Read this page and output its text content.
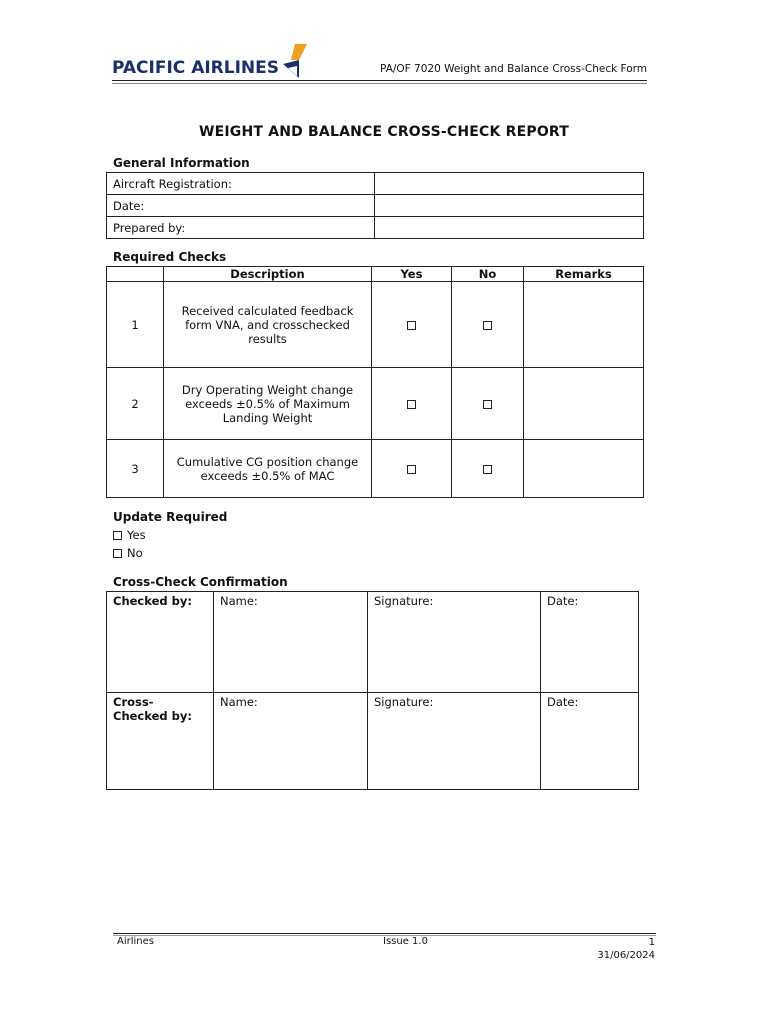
PACIFIC AIRLINES	PA/OF 7020 Weight and Balance Cross-Check Form
WEIGHT AND BALANCE CROSS-CHECK REPORT
General Information
Aircraft Registration:	
Date:	
Prepared by:	
Required Checks
	Description	Yes	No	Remarks
1	Received calculated feedback form VNA, and crosschecked results			
2	Dry Operating Weight change exceeds ±0.5% of Maximum Landing Weight			
3	Cumulative CG position change exceeds ±0.5% of MAC			
Update Required
Yes
No
Cross-Check Confirmation
Checked by:	Name:	Signature:	Date:
Cross-Checked by:	Name:	Signature:	Date:
Airlines	Issue 1.0	1
31/06/2024
